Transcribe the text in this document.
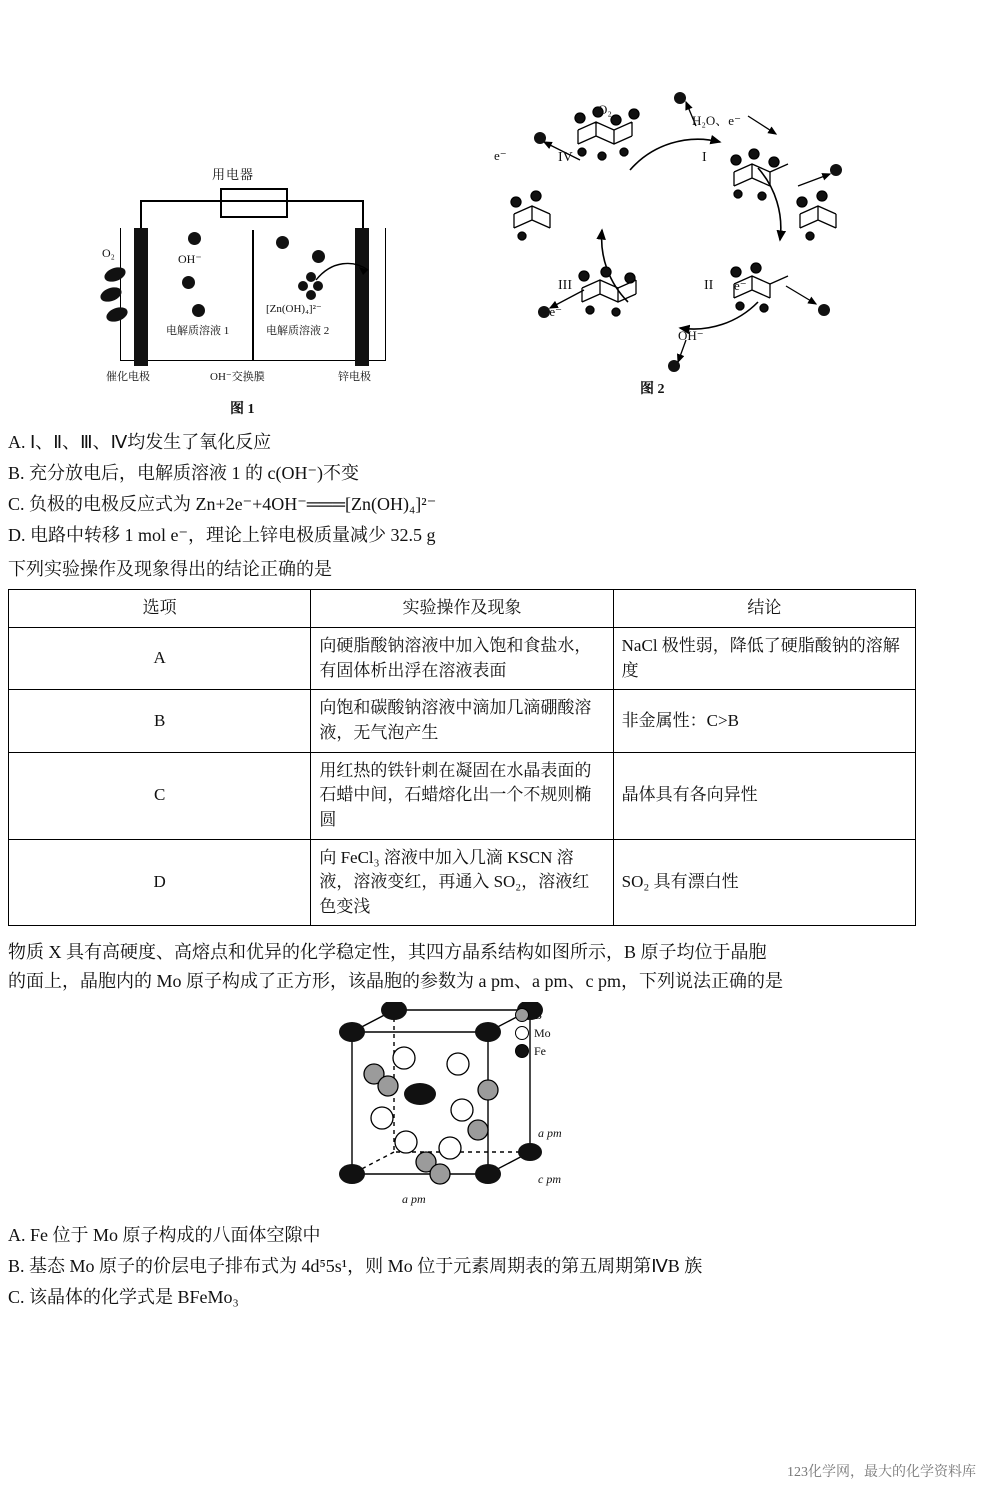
用电器
O₂	OH⁻
[Zn(OH)₄]²⁻
电解质溶液 1	电解质溶液 2
催化电极	OH⁻交换膜	锌电极
图 1
O₂
H₂O、e⁻
e⁻
e⁻
OH⁻
+e⁻
IV	I
II
III
图 2

A. Ⅰ、Ⅱ、Ⅲ、Ⅳ均发生了氧化反应

B. 充分放电后，电解质溶液 1 的 c(OH⁻)不变

C. 负极的电极反应式为 Zn+2e⁻+4OH⁻═══[Zn(OH)₄]²⁻

D. 电路中转移 1 mol e⁻，理论上锌电极质量减少 32.5 g

下列实验操作及现象得出的结论正确的是

选项	实验操作及现象	结论
A	向硬脂酸钠溶液中加入饱和食盐水，有固体析出浮在溶液表面	NaCl 极性弱，降低了硬脂酸钠的溶解度
B	向饱和碳酸钠溶液中滴加几滴硼酸溶液，无气泡产生	非金属性：C>B
C	用红热的铁针刺在凝固在水晶表面的石蜡中间，石蜡熔化出一个不规则椭圆	晶体具有各向异性
D	向 FeCl₃ 溶液中加入几滴 KSCN 溶液，溶液变红，再通入 SO₂，溶液红色变浅	SO₂ 具有漂白性

物质 X 具有高硬度、高熔点和优异的化学稳定性，其四方晶系结构如图所示，B 原子均位于晶胞

的面上，晶胞内的 Mo 原子构成了正方形，该晶胞的参数为 a pm、a pm、c pm，下列说法正确的是

a pm
c pm
a pm
B
Mo
Fe

A. Fe 位于 Mo 原子构成的八面体空隙中

B. 基态 Mo 原子的价层电子排布式为 4d⁵5s¹，则 Mo 位于元素周期表的第五周期第ⅣB 族

C. 该晶体的化学式是 BFeMo₃

123化学网，最大的化学资料库
